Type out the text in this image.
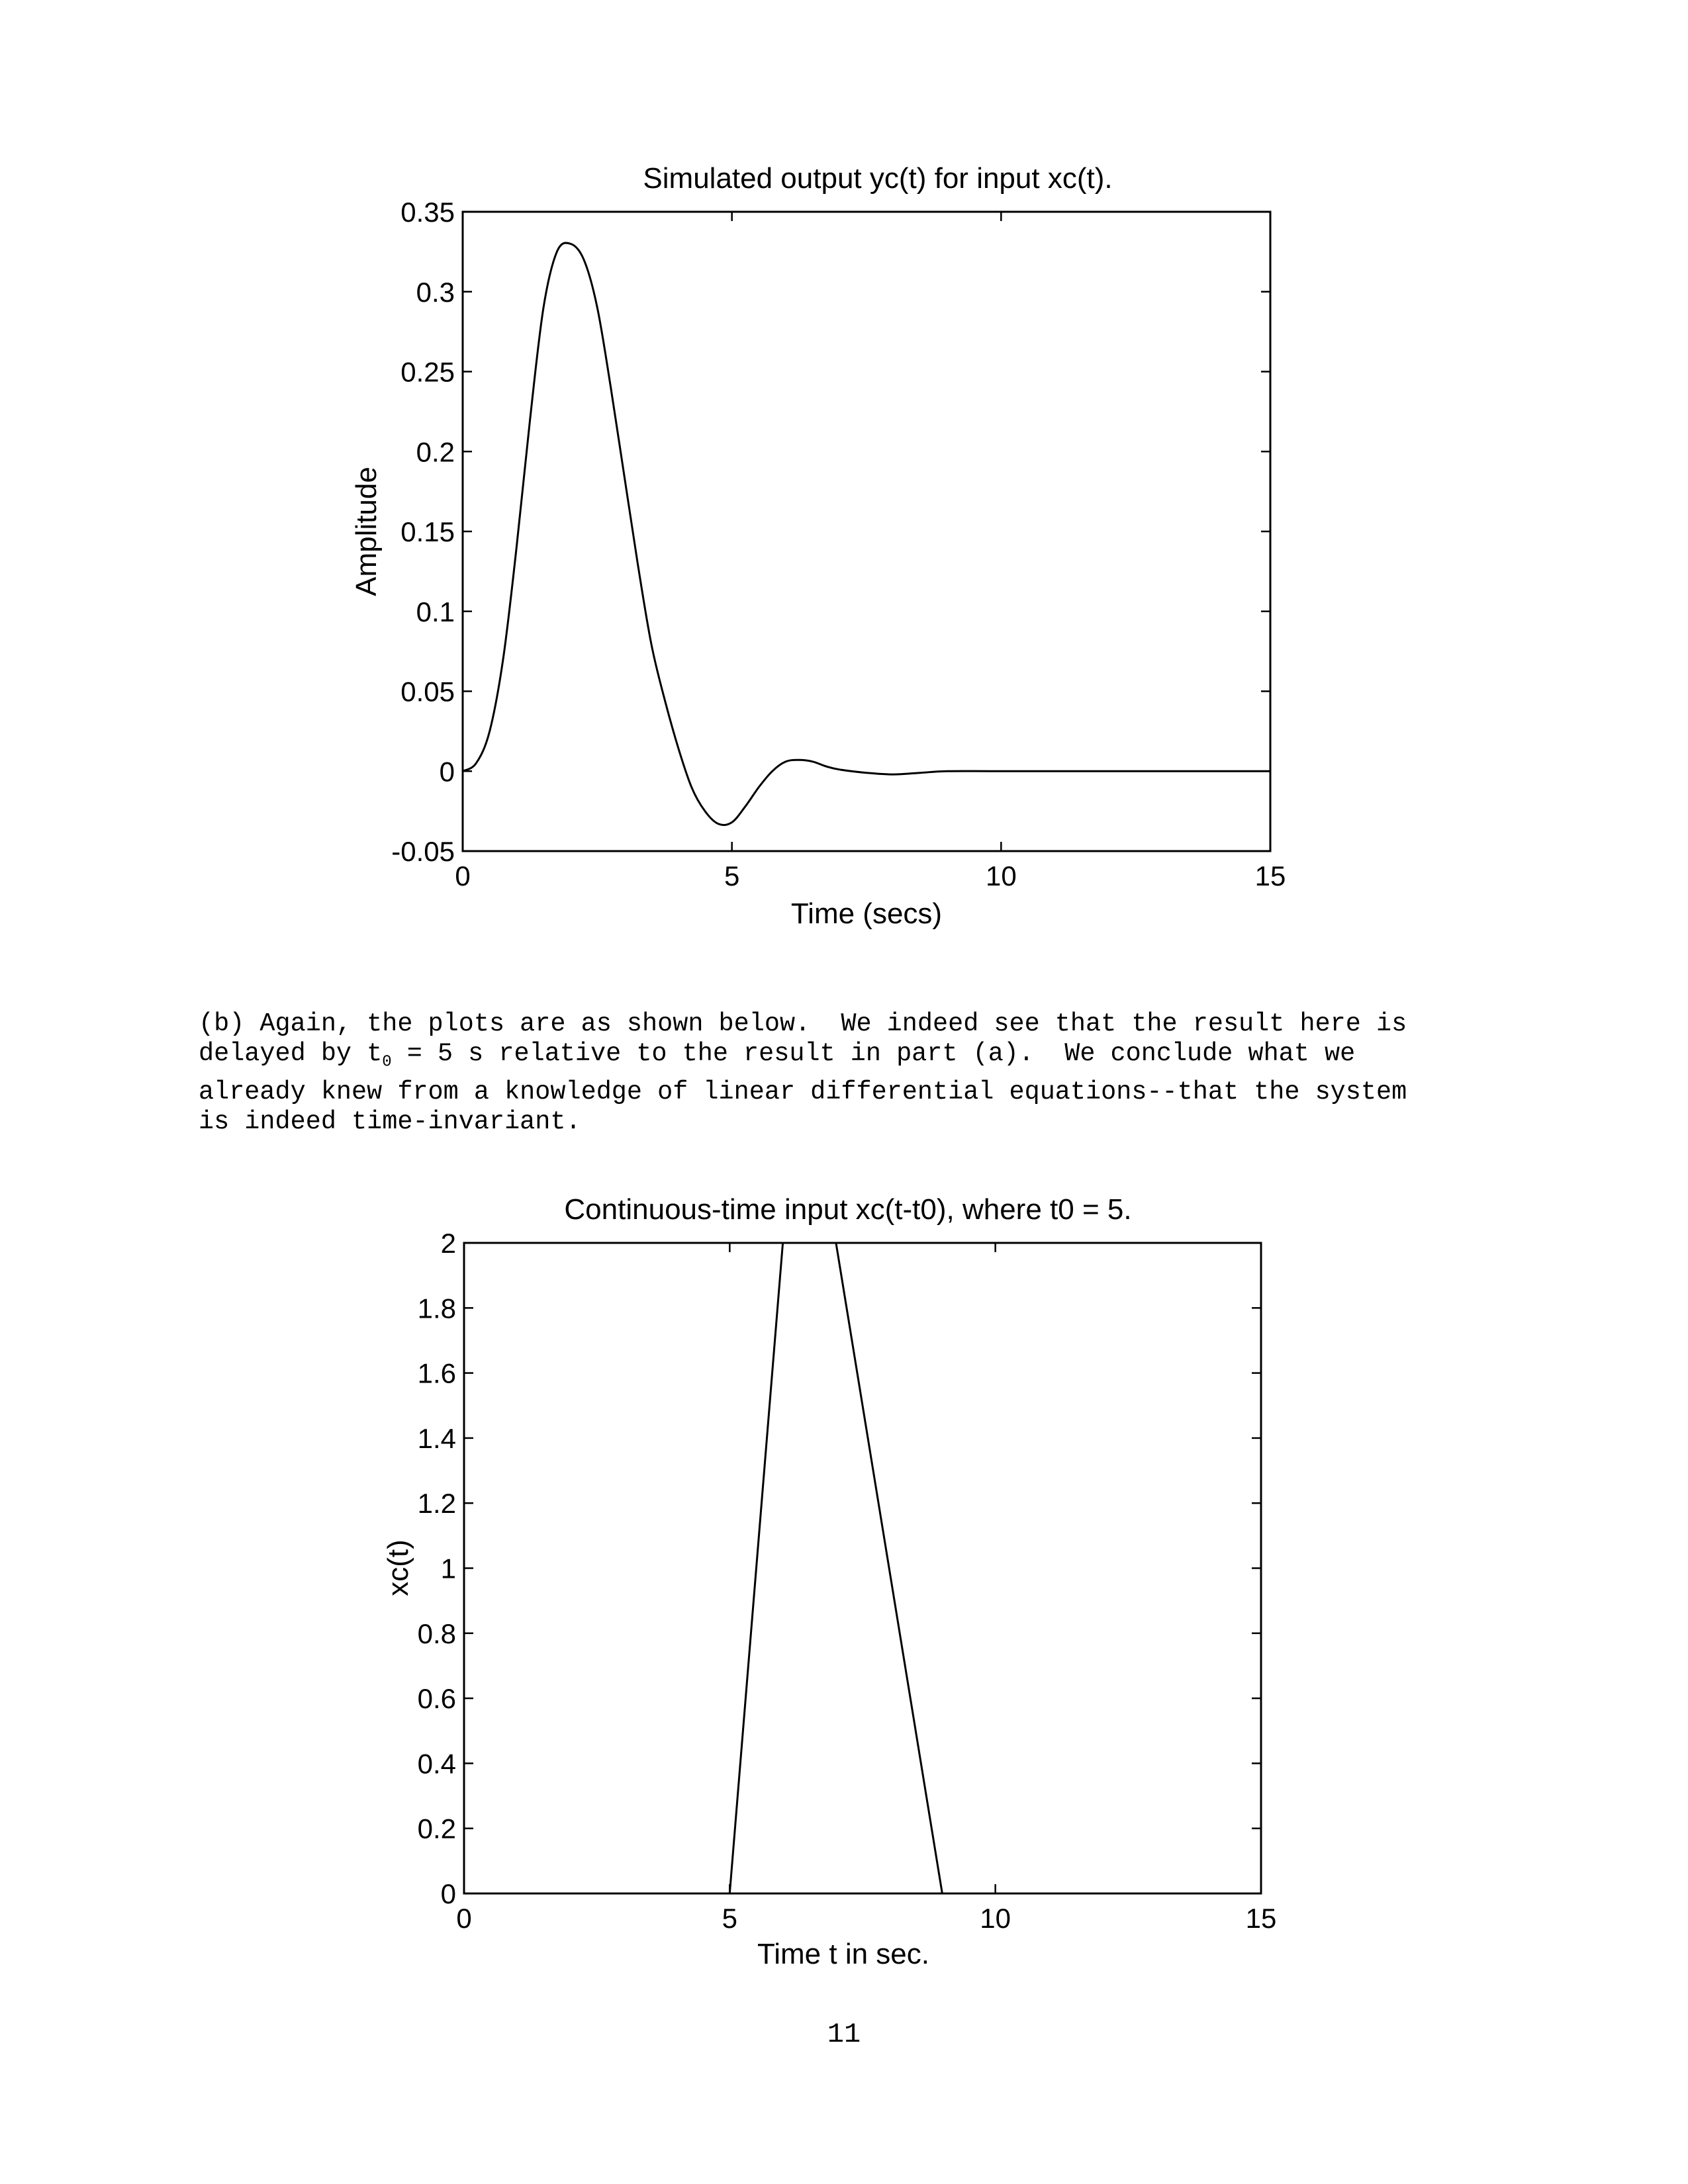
Simulated output yc(t) for input xc(t).
0	5	10	15
-0.05
0
0.05
0.1
0.15
0.2
0.25
0.3
0.35
Time (secs)
Amplitude
Continuous-time input xc(t-t0), where t0 = 5.
0	5	10	15
0
0.2
0.4
0.6
0.8
1
1.2
1.4
1.6
1.8
2
Time t in sec.
xc(t)
(b) Again, the plots are as shown below.  We indeed see that the result here is
delayed by $t_0 = 5$ s relative to the result in part (a).  We conclude what we
already knew from a knowledge of linear differential equations--that the system
is indeed time-invariant.
11
